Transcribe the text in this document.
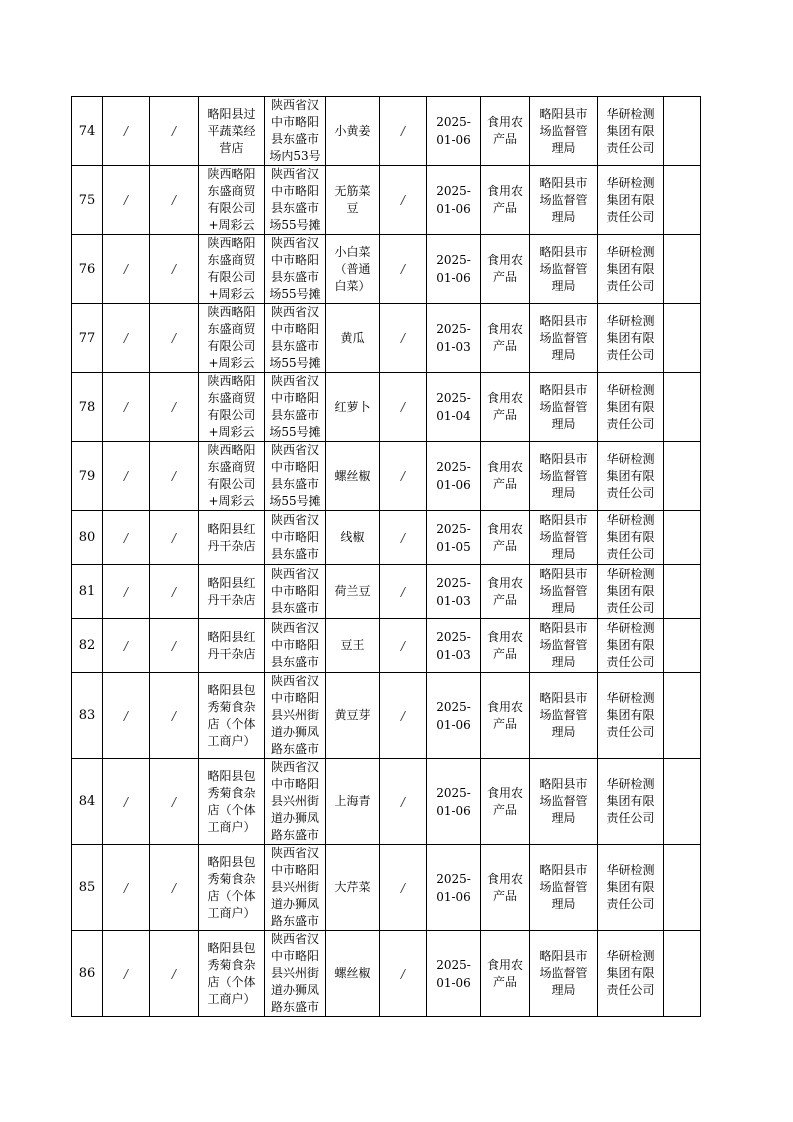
74	/	/	略阳县过
平蔬菜经
营店	陕西省汉
中市略阳
县东盛市
场内53号	小黄姜	/	2025-
01-06	食用农
产品	略阳县市
场监督管
理局	华研检测
集团有限
责任公司	

75	/	/	陕西略阳
东盛商贸
有限公司
+周彩云	陕西省汉
中市略阳
县东盛市
场55号摊	无筋菜
豆	/	2025-
01-06	食用农
产品	略阳县市
场监督管
理局	华研检测
集团有限
责任公司	

76	/	/	陕西略阳
东盛商贸
有限公司
+周彩云	陕西省汉
中市略阳
县东盛市
场55号摊	小白菜
（普通
白菜）	/	2025-
01-06	食用农
产品	略阳县市
场监督管
理局	华研检测
集团有限
责任公司	

77	/	/	陕西略阳
东盛商贸
有限公司
+周彩云	陕西省汉
中市略阳
县东盛市
场55号摊	黄瓜	/	2025-
01-03	食用农
产品	略阳县市
场监督管
理局	华研检测
集团有限
责任公司	

78	/	/	陕西略阳
东盛商贸
有限公司
+周彩云	陕西省汉
中市略阳
县东盛市
场55号摊	红萝卜	/	2025-
01-04	食用农
产品	略阳县市
场监督管
理局	华研检测
集团有限
责任公司	

79	/	/	陕西略阳
东盛商贸
有限公司
+周彩云	陕西省汉
中市略阳
县东盛市
场55号摊	螺丝椒	/	2025-
01-06	食用农
产品	略阳县市
场监督管
理局	华研检测
集团有限
责任公司	

80	/	/	略阳县红
丹干杂店	陕西省汉
中市略阳
县东盛市	线椒	/	2025-
01-05	食用农
产品	略阳县市
场监督管
理局	华研检测
集团有限
责任公司	

81	/	/	略阳县红
丹干杂店	陕西省汉
中市略阳
县东盛市	荷兰豆	/	2025-
01-03	食用农
产品	略阳县市
场监督管
理局	华研检测
集团有限
责任公司	

82	/	/	略阳县红
丹干杂店	陕西省汉
中市略阳
县东盛市	豆王	/	2025-
01-03	食用农
产品	略阳县市
场监督管
理局	华研检测
集团有限
责任公司	

83	/	/	略阳县包
秀菊食杂
店（个体
工商户）	陕西省汉
中市略阳
县兴州街
道办狮凤
路东盛市	黄豆芽	/	2025-
01-06	食用农
产品	略阳县市
场监督管
理局	华研检测
集团有限
责任公司	

84	/	/	略阳县包
秀菊食杂
店（个体
工商户）	陕西省汉
中市略阳
县兴州街
道办狮凤
路东盛市	上海青	/	2025-
01-06	食用农
产品	略阳县市
场监督管
理局	华研检测
集团有限
责任公司	

85	/	/	略阳县包
秀菊食杂
店（个体
工商户）	陕西省汉
中市略阳
县兴州街
道办狮凤
路东盛市	大芹菜	/	2025-
01-06	食用农
产品	略阳县市
场监督管
理局	华研检测
集团有限
责任公司	

86	/	/	略阳县包
秀菊食杂
店（个体
工商户）	陕西省汉
中市略阳
县兴州街
道办狮凤
路东盛市	螺丝椒	/	2025-
01-06	食用农
产品	略阳县市
场监督管
理局	华研检测
集团有限
责任公司	
